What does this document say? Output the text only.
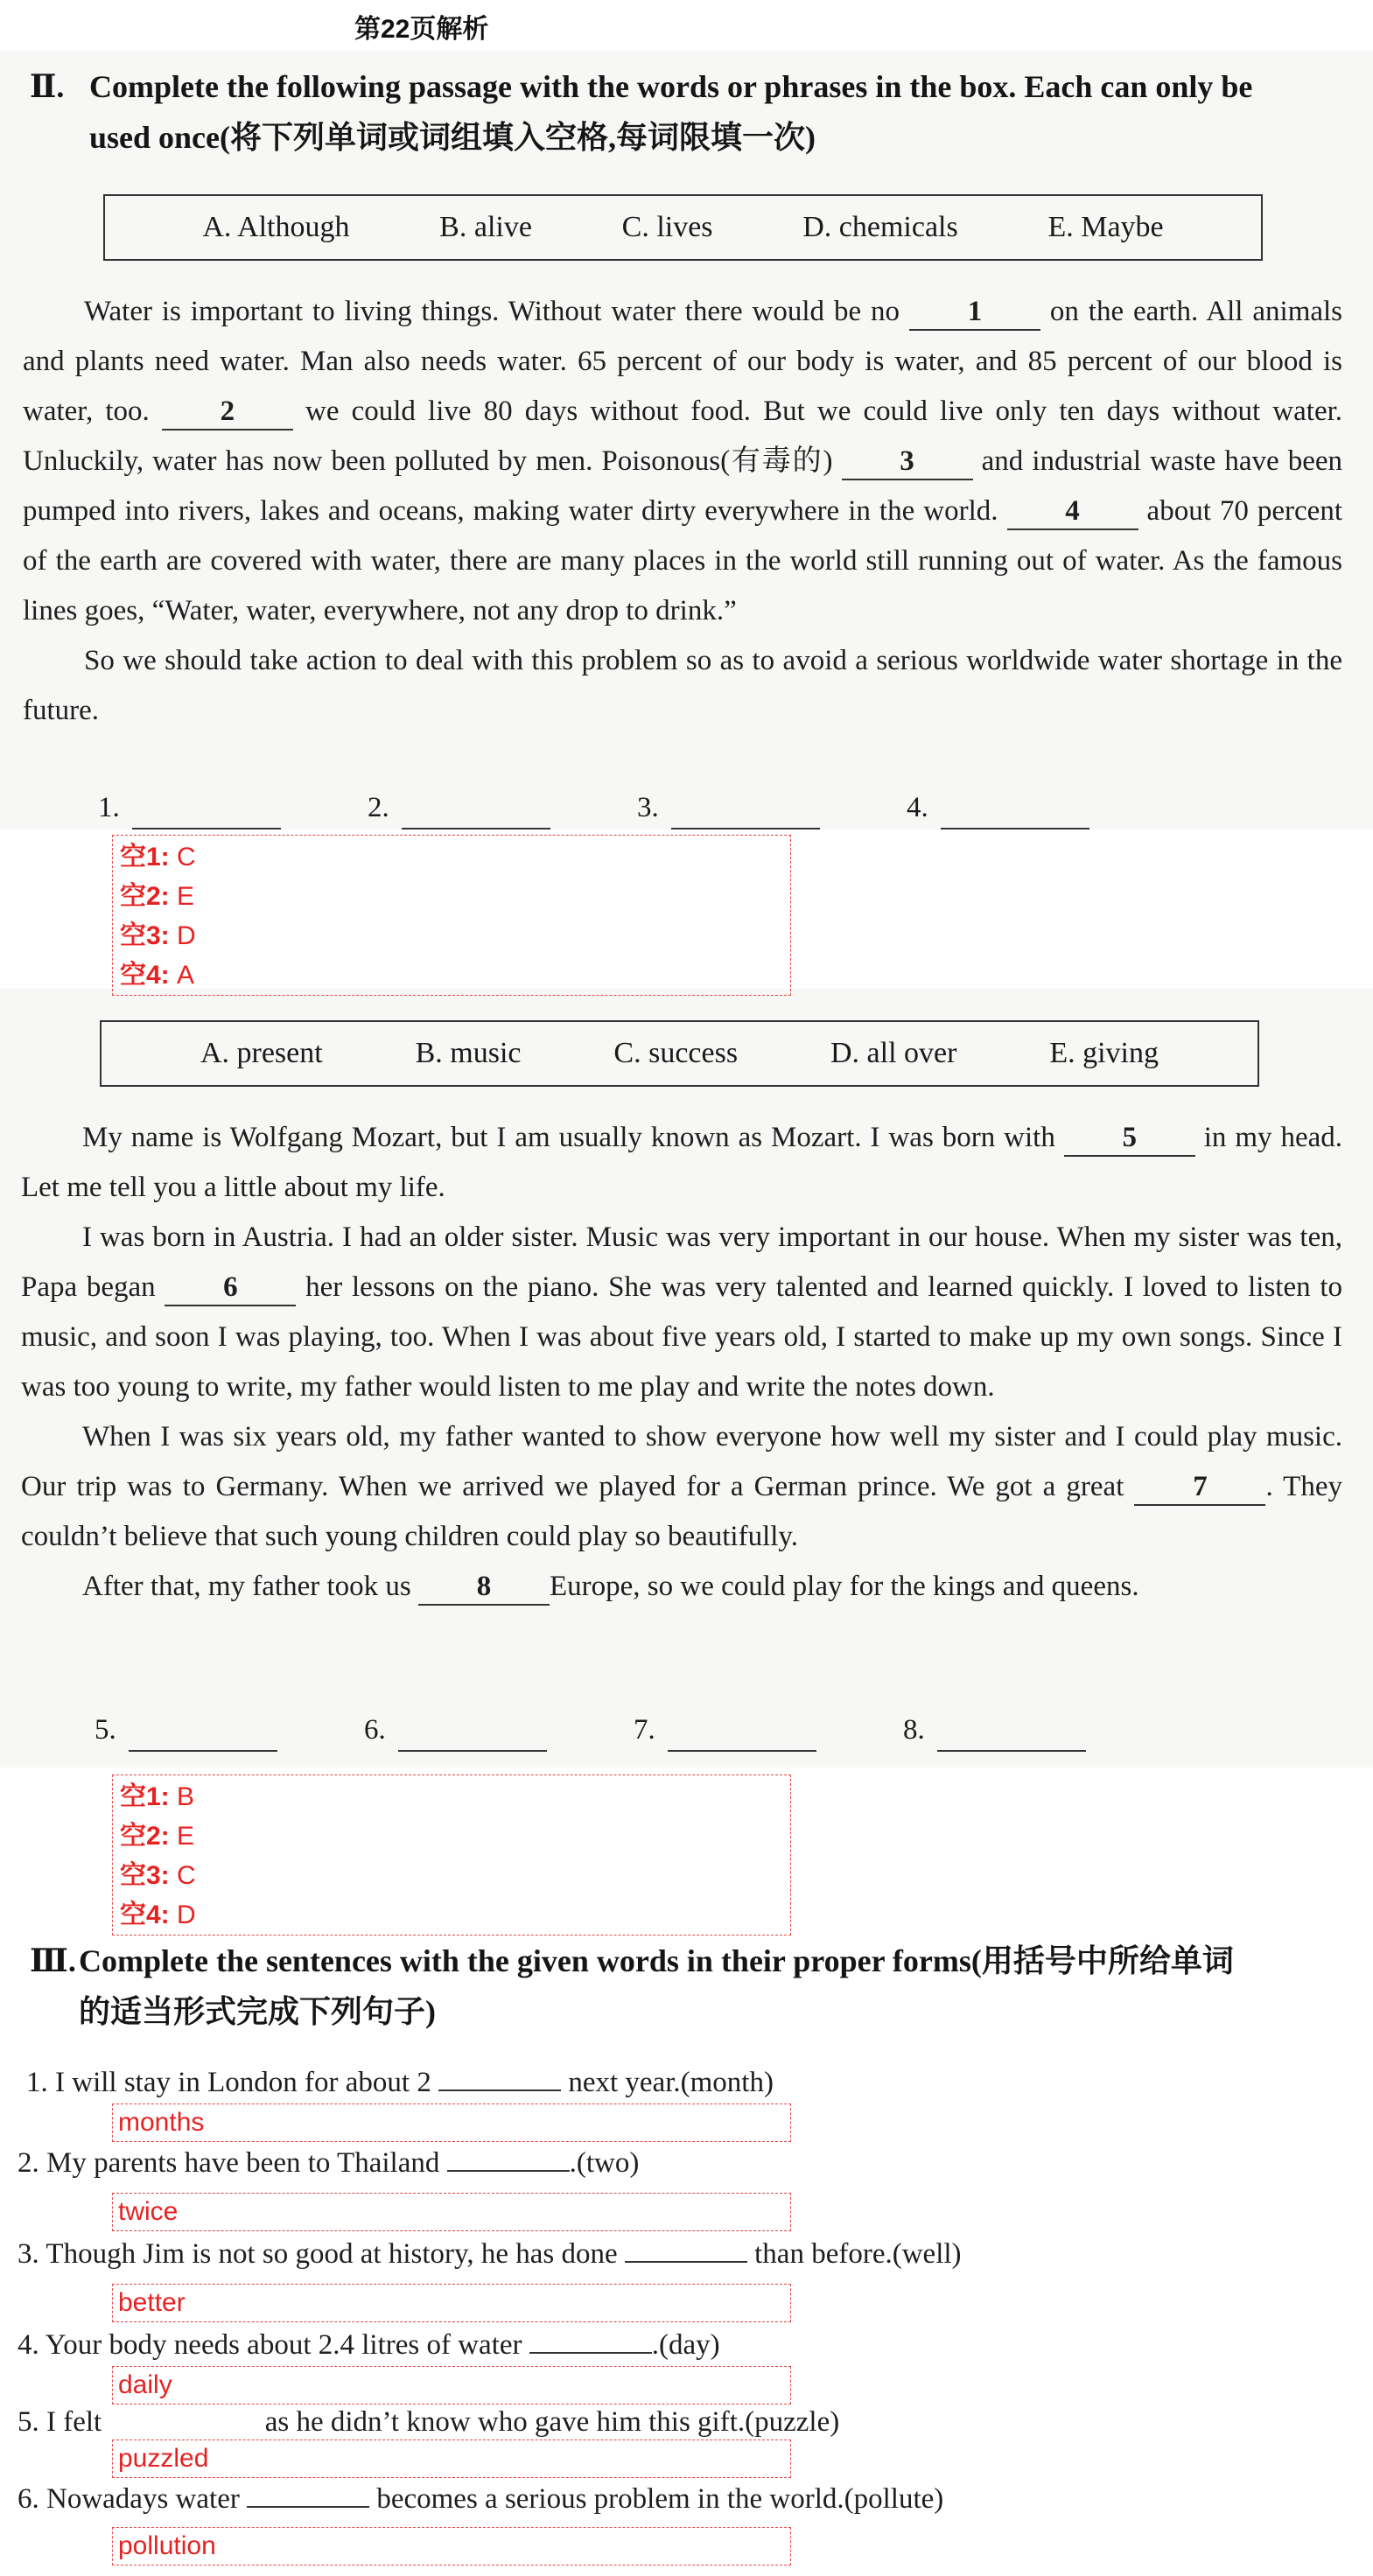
第22页解析
Ⅱ. Complete the following passage with the words or phrases in the box. Each can only be
used once(将下列单词或词组填入空格,每词限填一次)
A. Although	B. alive	C. lives	D. chemicals	E. Maybe

Water is important to living things. Without water there would be no 1 on the earth. All animals and plants need water. Man also needs water. 65 percent of our body is water, and 85 percent of our blood is water, too. 2 we could live 80 days without food. But we could live only ten days without water. Unluckily, water has now been polluted by men. Poisonous(有毒的) 3 and industrial waste have been pumped into rivers, lakes and oceans, making water dirty everywhere in the world. 4 about 70 percent of the earth are covered with water, there are many places in the world still running out of water. As the famous lines goes, “Water, water, everywhere, not any drop to drink.”

So we should take action to deal with this problem so as to avoid a serious worldwide water shortage in the future.

1.	2.	3.	4.
空1: C
空2: E
空3: D
空4: A
A. present	B. music	C. success	D. all over	E. giving

My name is Wolfgang Mozart, but I am usually known as Mozart. I was born with 5 in my head. Let me tell you a little about my life.

I was born in Austria. I had an older sister. Music was very important in our house. When my sister was ten, Papa began 6 her lessons on the piano. She was very talented and learned quickly. I loved to listen to music, and soon I was playing, too. When I was about five years old, I started to make up my own songs. Since I was too young to write, my father would listen to me play and write the notes down.

When I was six years old, my father wanted to show everyone how well my sister and I could play music. Our trip was to Germany. When we arrived we played for a German prince. We got a great 7 . They couldn’t believe that such young children could play so beautifully.

After that, my father took us 8 Europe, so we could play for the kings and queens.

5.	6.	7.	8.
空1: B
空2: E
空3: C
空4: D
Ⅲ. Complete the sentences with the given words in their proper forms(用括号中所给单词
的适当形式完成下列句子)
1. I will stay in London for about 2	next year.(month)
months
2. My parents have been to Thailand	.(two)
twice
3. Though Jim is not so good at history, he has done	than before.(well)
better
4. Your body needs about 2.4 litres of water	.(day)
daily
5. I felt	as he didn’t know who gave him this gift.(puzzle)
puzzled
6. Nowadays water	becomes a serious problem in the world.(pollute)
pollution
